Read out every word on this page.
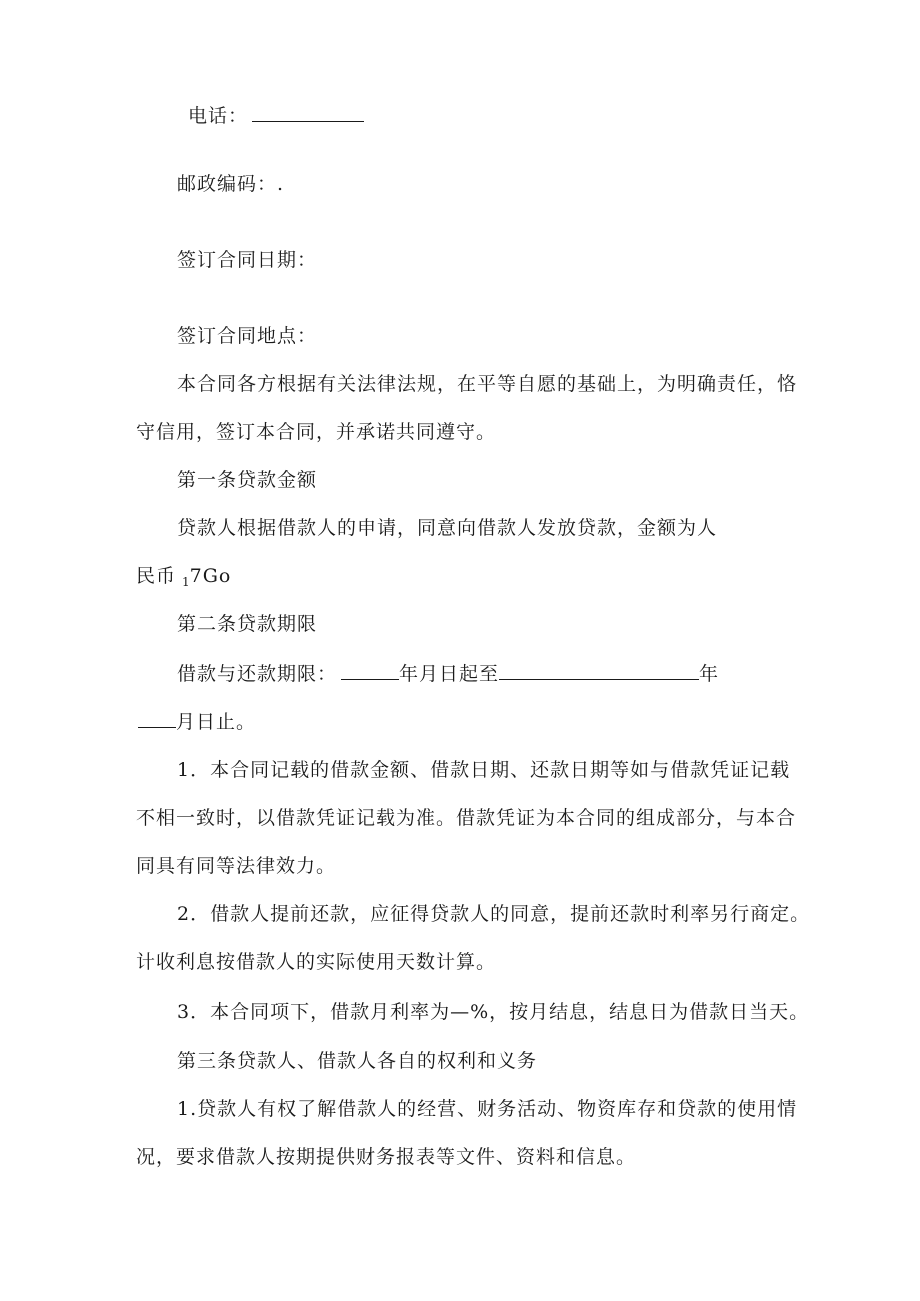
电话：
邮政编码：.
签订合同日期：
签订合同地点：
本合同各方根据有关法律法规，在平等自愿的基础上，为明确责任，恪
守信用，签订本合同，并承诺共同遵守。
第一条贷款金额
贷款人根据借款人的申请，同意向借款人发放贷款，金额为人
民币 $_1$7Go
第二条贷款期限
借款与还款期限：	年月日起至	年
月日止。
1．本合同记载的借款金额、借款日期、还款日期等如与借款凭证记载
不相一致时，以借款凭证记载为准。借款凭证为本合同的组成部分，与本合
同具有同等法律效力。
2．借款人提前还款，应征得贷款人的同意，提前还款时利率另行商定。
计收利息按借款人的实际使用天数计算。
3．本合同项下，借款月利率为—%，按月结息，结息日为借款日当天。
第三条贷款人、借款人各自的权利和义务
1.贷款人有权了解借款人的经营、财务活动、物资库存和贷款的使用情
况，要求借款人按期提供财务报表等文件、资料和信息。
